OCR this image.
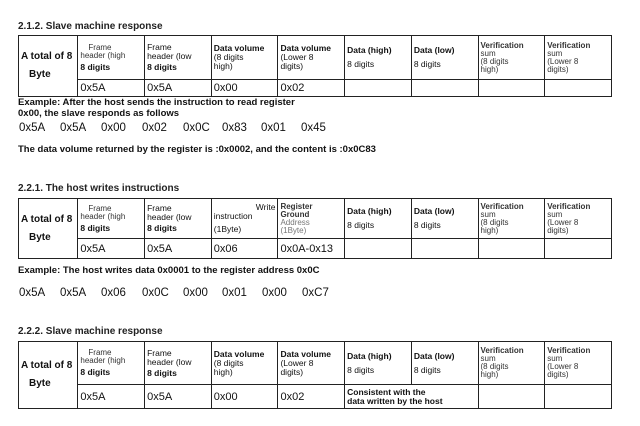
2.1.2. Slave machine response
A total of 8
Byte	Frame
header (high
8 digits	Frame
header (low
8 digits	Data volume
(8 digits
high)	Data volume
(Lower 8
digits)	Data (high)
8 digits	Data (low)
8 digits	Verification
sum
(8 digits
high)	Verification
sum
(Lower 8
digits)

	0x5A	0x5A	0x00	0x02				
Example: After the host sends the instruction to read register
0x00, the slave responds as follows
0x5A	0x5A	0x00	0x02	0x0C	0x83	0x01	0x45
The data volume returned by the register is :0x0002, and the content is :0x0C83
2.2.1. The host writes instructions
A total of 8
Byte	Frame
header (high
8 digits	Frame
header (low
8 digits	Write
instruction
(1Byte)	Register
Ground
Address
(1Byte)	Data (high)
8 digits	Data (low)
8 digits	Verification
sum
(8 digits
high)	Verification
sum
(Lower 8
digits)

	0x5A	0x5A	0x06	0x0A-0x13				
Example: The host writes data 0x0001 to the register address 0x0C
0x5A	0x5A	0x06	0x0C	0x00	0x01	0x00	0xC7
2.2.2. Slave machine response
A total of 8
Byte	Frame
header (high
8 digits	Frame
header (low
8 digits	Data volume
(8 digits
high)	Data volume
(Lower 8
digits)	Data (high)
8 digits	Data (low)
8 digits	Verification
sum
(8 digits
high)	Verification
sum
(Lower 8
digits)

	0x5A	0x5A	0x00	0x02	Consistent with the
data written by the host			
